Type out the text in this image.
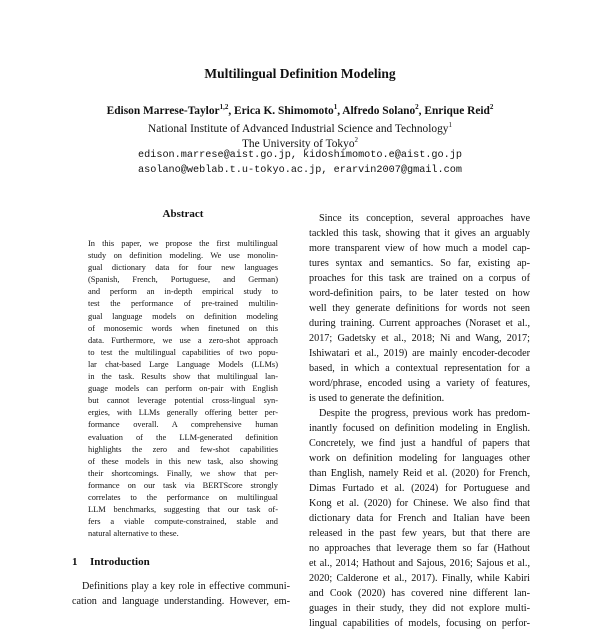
Multilingual Definition Modeling
Edison Marrese-Taylor$^{1,2}$, Erica K. Shimomoto$^1$, Alfredo Solano$^2$, Enrique Reid$^2$
National Institute of Advanced Industrial Science and Technology$^1$
The University of Tokyo$^2$
edison.marrese@aist.go.jp, kidoshimomoto.e@aist.go.jp
asolano@weblab.t.u-tokyo.ac.jp, erarvin2007@gmail.com
Abstract
In this paper, we propose the first multilingual
study on definition modeling. We use monolin-
gual dictionary data for four new languages
(Spanish, French, Portuguese, and German)
and perform an in-depth empirical study to
test the performance of pre-trained multilin-
gual language models on definition modeling
of monosemic words when finetuned on this
data. Furthermore, we use a zero-shot approach
to test the multilingual capabilities of two popu-
lar chat-based Large Language Models (LLMs)
in the task. Results show that multilingual lan-
guage models can perform on-pair with English
but cannot leverage potential cross-lingual syn-
ergies, with LLMs generally offering better per-
formance overall. A comprehensive human
evaluation of the LLM-generated definition
highlights the zero and few-shot capabilities
of these models in this new task, also showing
their shortcomings. Finally, we show that per-
formance on our task via BERTScore strongly
correlates to the performance on multilingual
LLM benchmarks, suggesting that our task of-
fers a viable compute-constrained, stable and
natural alternative to these.
1 Introduction
Definitions play a key role in effective communi-
cation and language understanding. However, em-
Since its conception, several approaches have
tackled this task, showing that it gives an arguably
more transparent view of how much a model cap-
tures syntax and semantics. So far, existing ap-
proaches for this task are trained on a corpus of
word-definition pairs, to be later tested on how
well they generate definitions for words not seen
during training. Current approaches (Noraset et al.,
2017; Gadetsky et al., 2018; Ni and Wang, 2017;
Ishiwatari et al., 2019) are mainly encoder-decoder
based, in which a contextual representation for a
word/phrase, encoded using a variety of features,
is used to generate the definition.
Despite the progress, previous work has predom-
inantly focused on definition modeling in English.
Concretely, we find just a handful of papers that
work on definition modeling for languages other
than English, namely Reid et al. (2020) for French,
Dimas Furtado et al. (2024) for Portuguese and
Kong et al. (2020) for Chinese. We also find that
dictionary data for French and Italian have been
released in the past few years, but that there are
no approaches that leverage them so far (Hathout
et al., 2014; Hathout and Sajous, 2016; Sajous et al.,
2020; Calderone et al., 2017). Finally, while Kabiri
and Cook (2020) has covered nine different lan-
guages in their study, they did not explore multi-
lingual capabilities of models, focusing on perfor-
